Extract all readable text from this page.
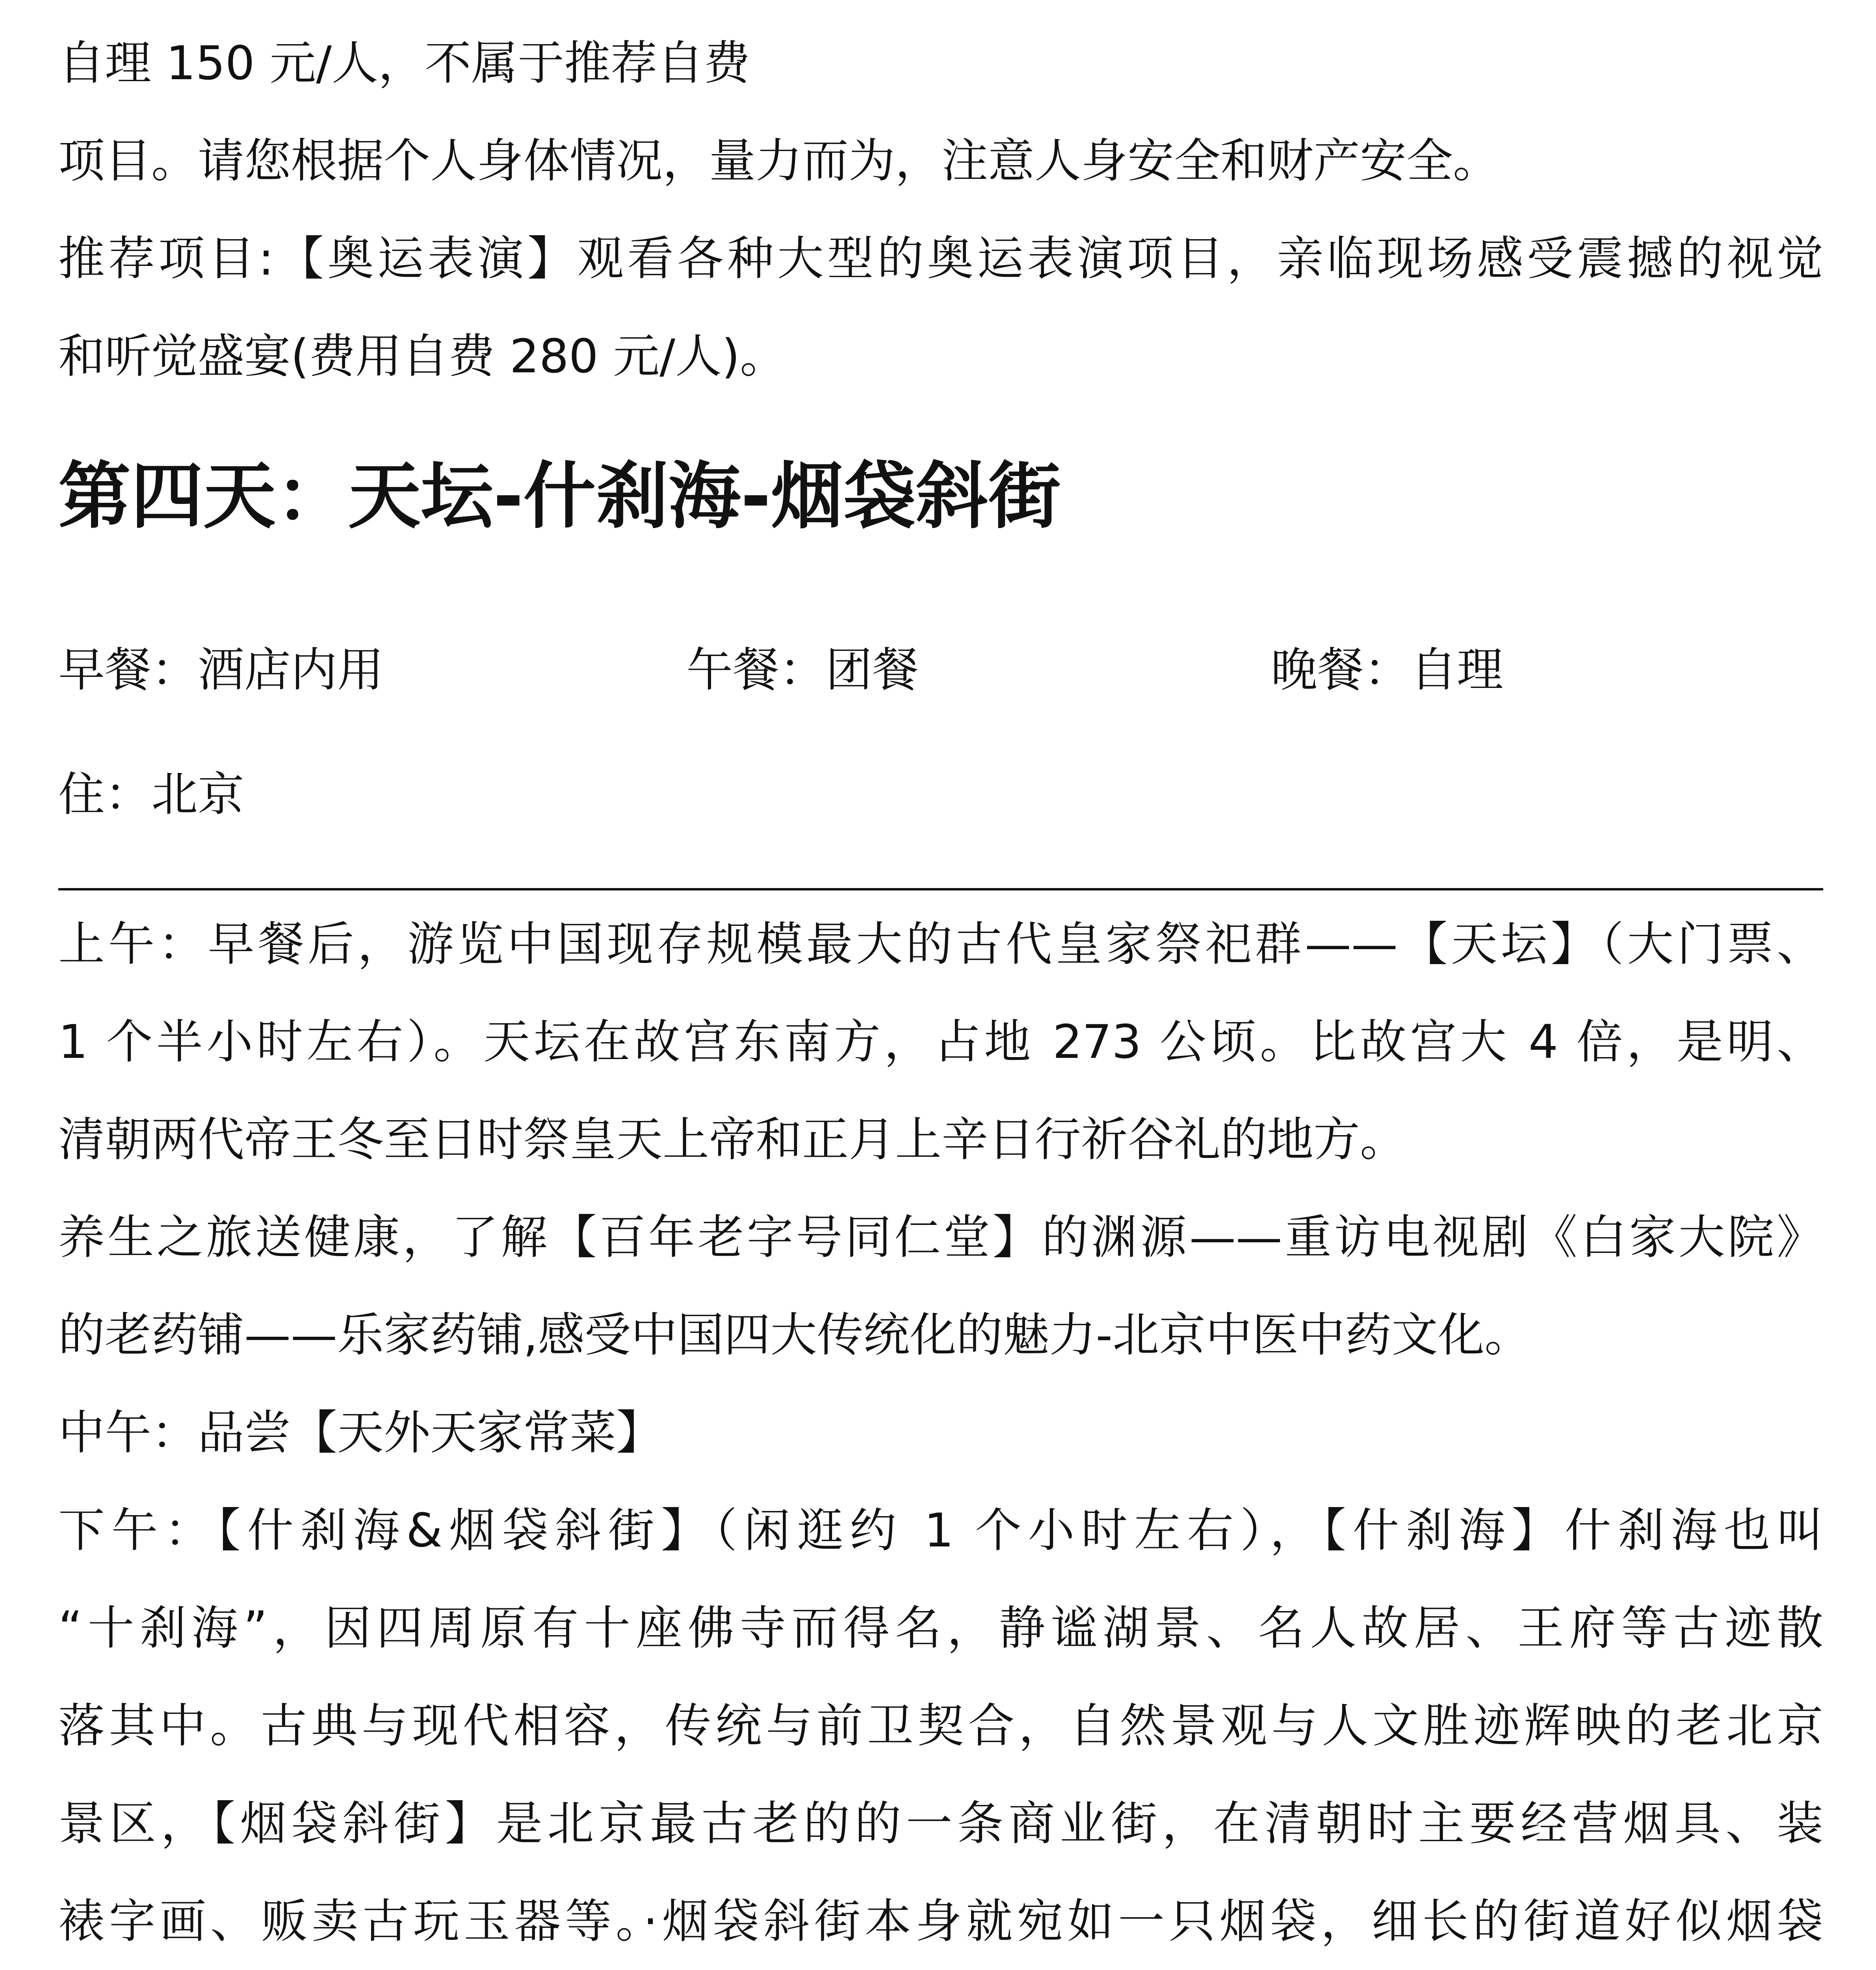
自理 150 元/人，不属于推荐自费

项目。请您根据个人身体情况，量力而为，注意人身安全和财产安全。

推荐项目:【奥运表演】观看各种大型的奥运表演项目，亲临现场感受震撼的视觉

和听觉盛宴(费用自费 280 元/人)。

第四天：天坛-什刹海-烟袋斜街
早餐：酒店内用	午餐：团餐	晚餐：自理

住：北京

上午：早餐后，游览中国现存规模最大的古代皇家祭祀群——【天坛】（大门票、

1 个半小时左右）。天坛在故宫东南方，占地 273 公顷。比故宫大 4 倍，是明、

清朝两代帝王冬至日时祭皇天上帝和正月上辛日行祈谷礼的地方。

养生之旅送健康，了解【百年老字号同仁堂】的渊源——重访电视剧《白家大院》

的老药铺——乐家药铺,感受中国四大传统化的魅力-北京中医中药文化。

中午：品尝【天外天家常菜】

下午：【什刹海&烟袋斜街】（闲逛约 1 个小时左右），【什刹海】什刹海也叫

“十刹海”，因四周原有十座佛寺而得名，静谧湖景、名人故居、王府等古迹散

落其中。古典与现代相容，传统与前卫契合，自然景观与人文胜迹辉映的老北京

景区，【烟袋斜街】是北京最古老的的一条商业街，在清朝时主要经营烟具、装

裱字画、贩卖古玩玉器等。·烟袋斜街本身就宛如一只烟袋，细长的街道好似烟袋
